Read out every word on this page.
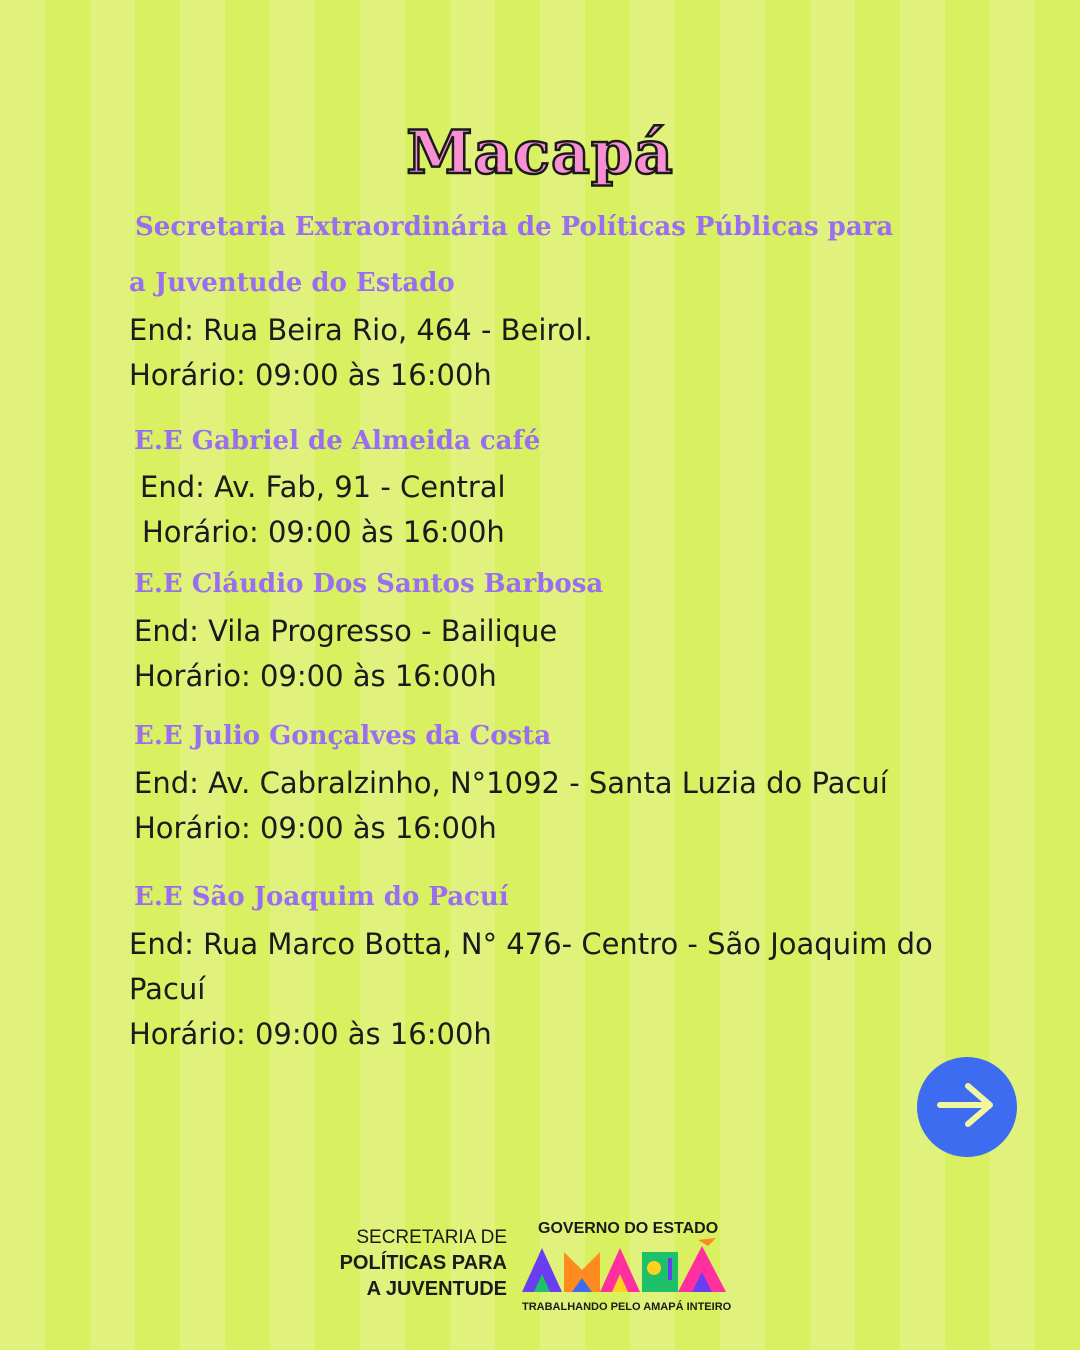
Macapá
Secretaria Extraordinária de Políticas Públicas para
a Juventude do Estado
End: Rua Beira Rio, 464 - Beirol.
Horário: 09:00 às 16:00h
E.E Gabriel de Almeida café
End: Av. Fab, 91 - Central
Horário: 09:00 às 16:00h
E.E Cláudio Dos Santos Barbosa
End: Vila Progresso - Bailique
Horário: 09:00 às 16:00h
E.E Julio Gonçalves da Costa
End: Av. Cabralzinho, N°1092 - Santa Luzia do Pacuí
Horário: 09:00 às 16:00h
E.E São Joaquim do Pacuí
End: Rua Marco Botta, N° 476- Centro - São Joaquim do
Pacuí
Horário: 09:00 às 16:00h
SECRETARIA DE
POLÍTICAS PARA
A JUVENTUDE
GOVERNO DO ESTADO
TRABALHANDO PELO AMAPÁ INTEIRO
